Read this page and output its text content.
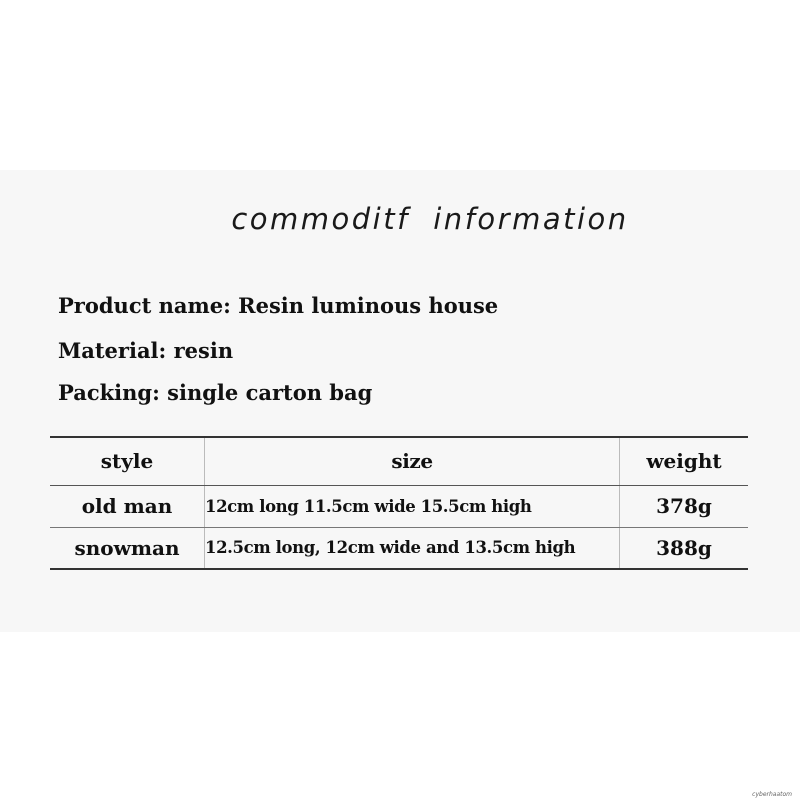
commoditf  information
Product name: Resin luminous house
Material: resin
Packing: single carton bag
style	size	weight
old man	12cm long 11.5cm wide 15.5cm high	378g
snowman	12.5cm long, 12cm wide and 13.5cm high	388g
cyberhaatom
